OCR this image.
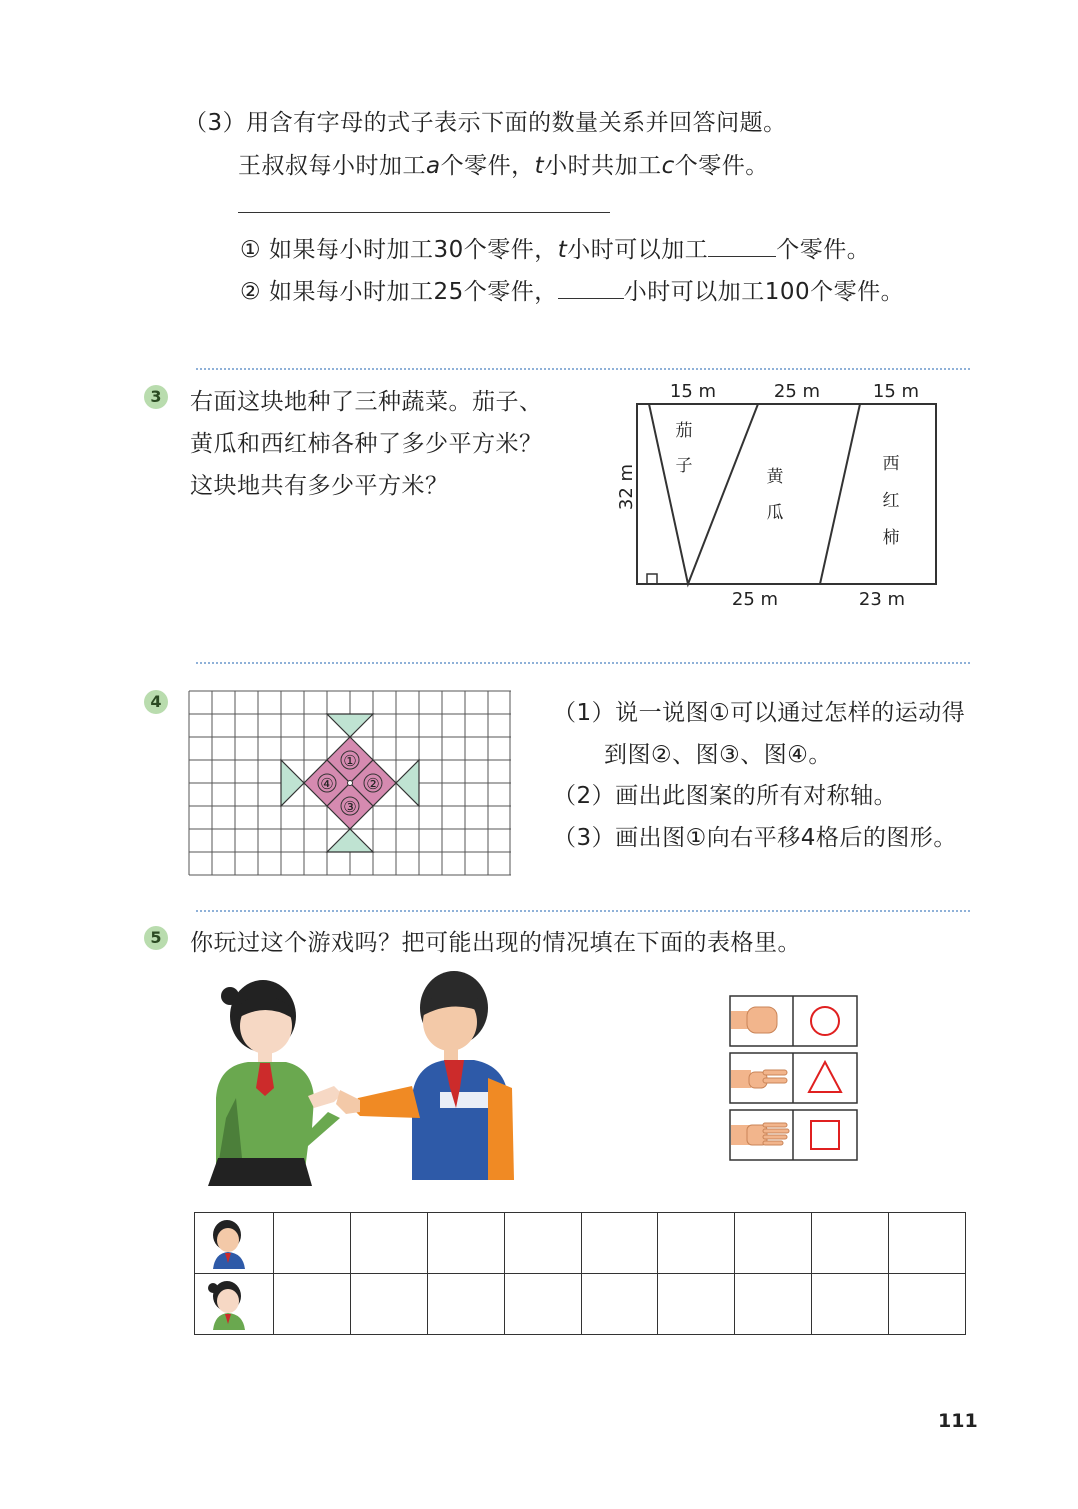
（3）用含有字母的式子表示下面的数量关系并回答问题。
王叔叔每小时加工a个零件，t小时共加工c个零件。
① 如果每小时加工30个零件，t小时可以加工	个零件。
② 如果每小时加工25个零件，	小时可以加工100个零件。
3 右面这块地种了三种蔬菜。茄子、
黄瓜和西红柿各种了多少平方米？
这块地共有多少平方米？
15 m	25 m	15 m
32 m
25 m	23 m
茄
子
黄
瓜
西
红
柿
4
①
②
③
④
（1）说一说图①可以通过怎样的运动得
到图②、图③、图④。
（2）画出此图案的所有对称轴。
（3）画出图①向右平移4格后的图形。
5 你玩过这个游戏吗？把可能出现的情况填在下面的表格里。

111
